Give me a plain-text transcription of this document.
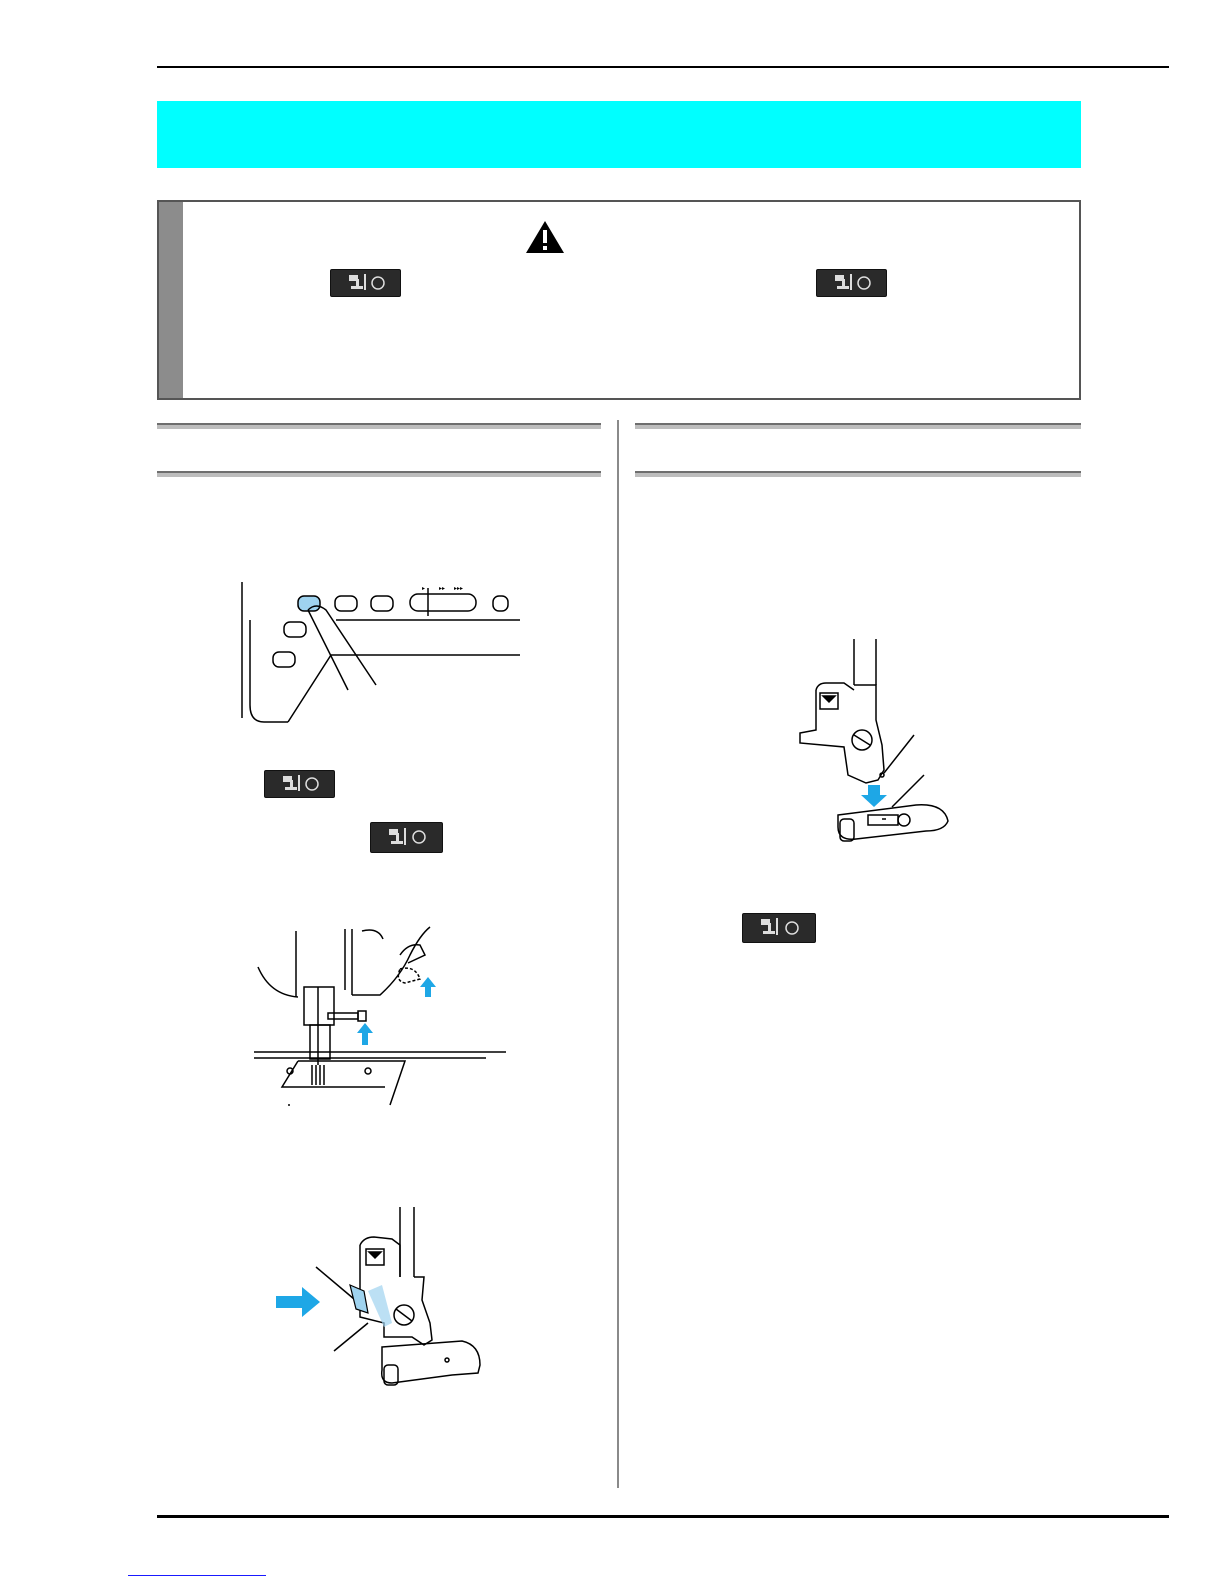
▸ ▸▸ ▸▸▸
